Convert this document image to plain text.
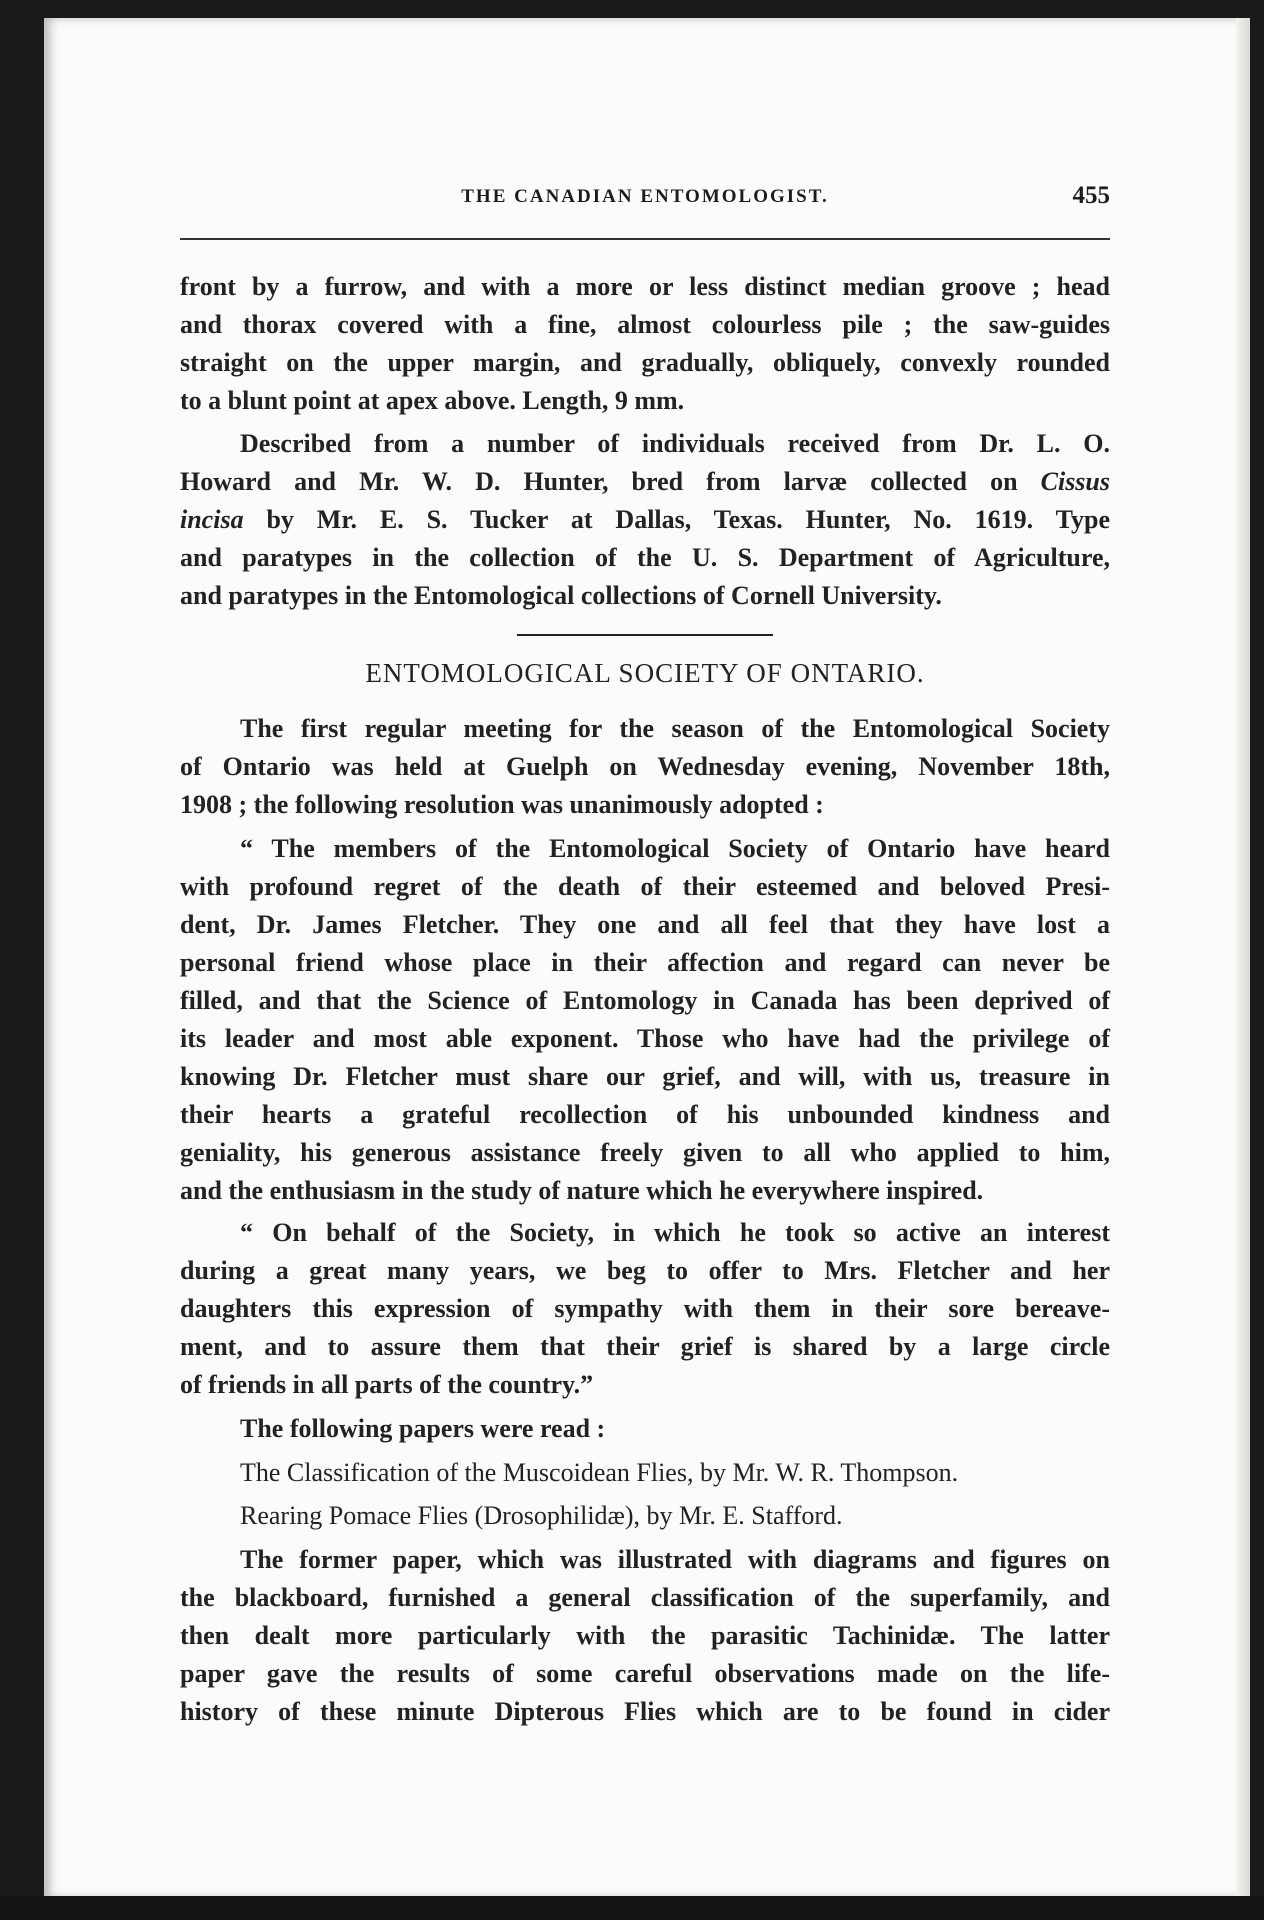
THE CANADIAN ENTOMOLOGIST.	455
front by a furrow, and with a more or less distinct median groove ; head
and thorax covered with a fine, almost colourless pile ; the saw-guides
straight on the upper margin, and gradually, obliquely, convexly rounded
to a blunt point at apex above. Length, 9 mm.
Described from a number of individuals received from Dr. L. O.
Howard and Mr. W. D. Hunter, bred from larvæ collected on Cissus
incisa by Mr. E. S. Tucker at Dallas, Texas. Hunter, No. 1619. Type
and paratypes in the collection of the U. S. Department of Agriculture,
and paratypes in the Entomological collections of Cornell University.
ENTOMOLOGICAL SOCIETY OF ONTARIO.
The first regular meeting for the season of the Entomological Society
of Ontario was held at Guelph on Wednesday evening, November 18th,
1908 ; the following resolution was unanimously adopted :
“ The members of the Entomological Society of Ontario have heard
with profound regret of the death of their esteemed and beloved Presi-
dent, Dr. James Fletcher. They one and all feel that they have lost a
personal friend whose place in their affection and regard can never be
filled, and that the Science of Entomology in Canada has been deprived of
its leader and most able exponent. Those who have had the privilege of
knowing Dr. Fletcher must share our grief, and will, with us, treasure in
their hearts a grateful recollection of his unbounded kindness and
geniality, his generous assistance freely given to all who applied to him,
and the enthusiasm in the study of nature which he everywhere inspired.
“ On behalf of the Society, in which he took so active an interest
during a great many years, we beg to offer to Mrs. Fletcher and her
daughters this expression of sympathy with them in their sore bereave-
ment, and to assure them that their grief is shared by a large circle
of friends in all parts of the country.”
The following papers were read :
The Classification of the Muscoidean Flies, by Mr. W. R. Thompson.
Rearing Pomace Flies (Drosophilidæ), by Mr. E. Stafford.
The former paper, which was illustrated with diagrams and figures on
the blackboard, furnished a general classification of the superfamily, and
then dealt more particularly with the parasitic Tachinidæ. The latter
paper gave the results of some careful observations made on the life-
history of these minute Dipterous Flies which are to be found in cider
